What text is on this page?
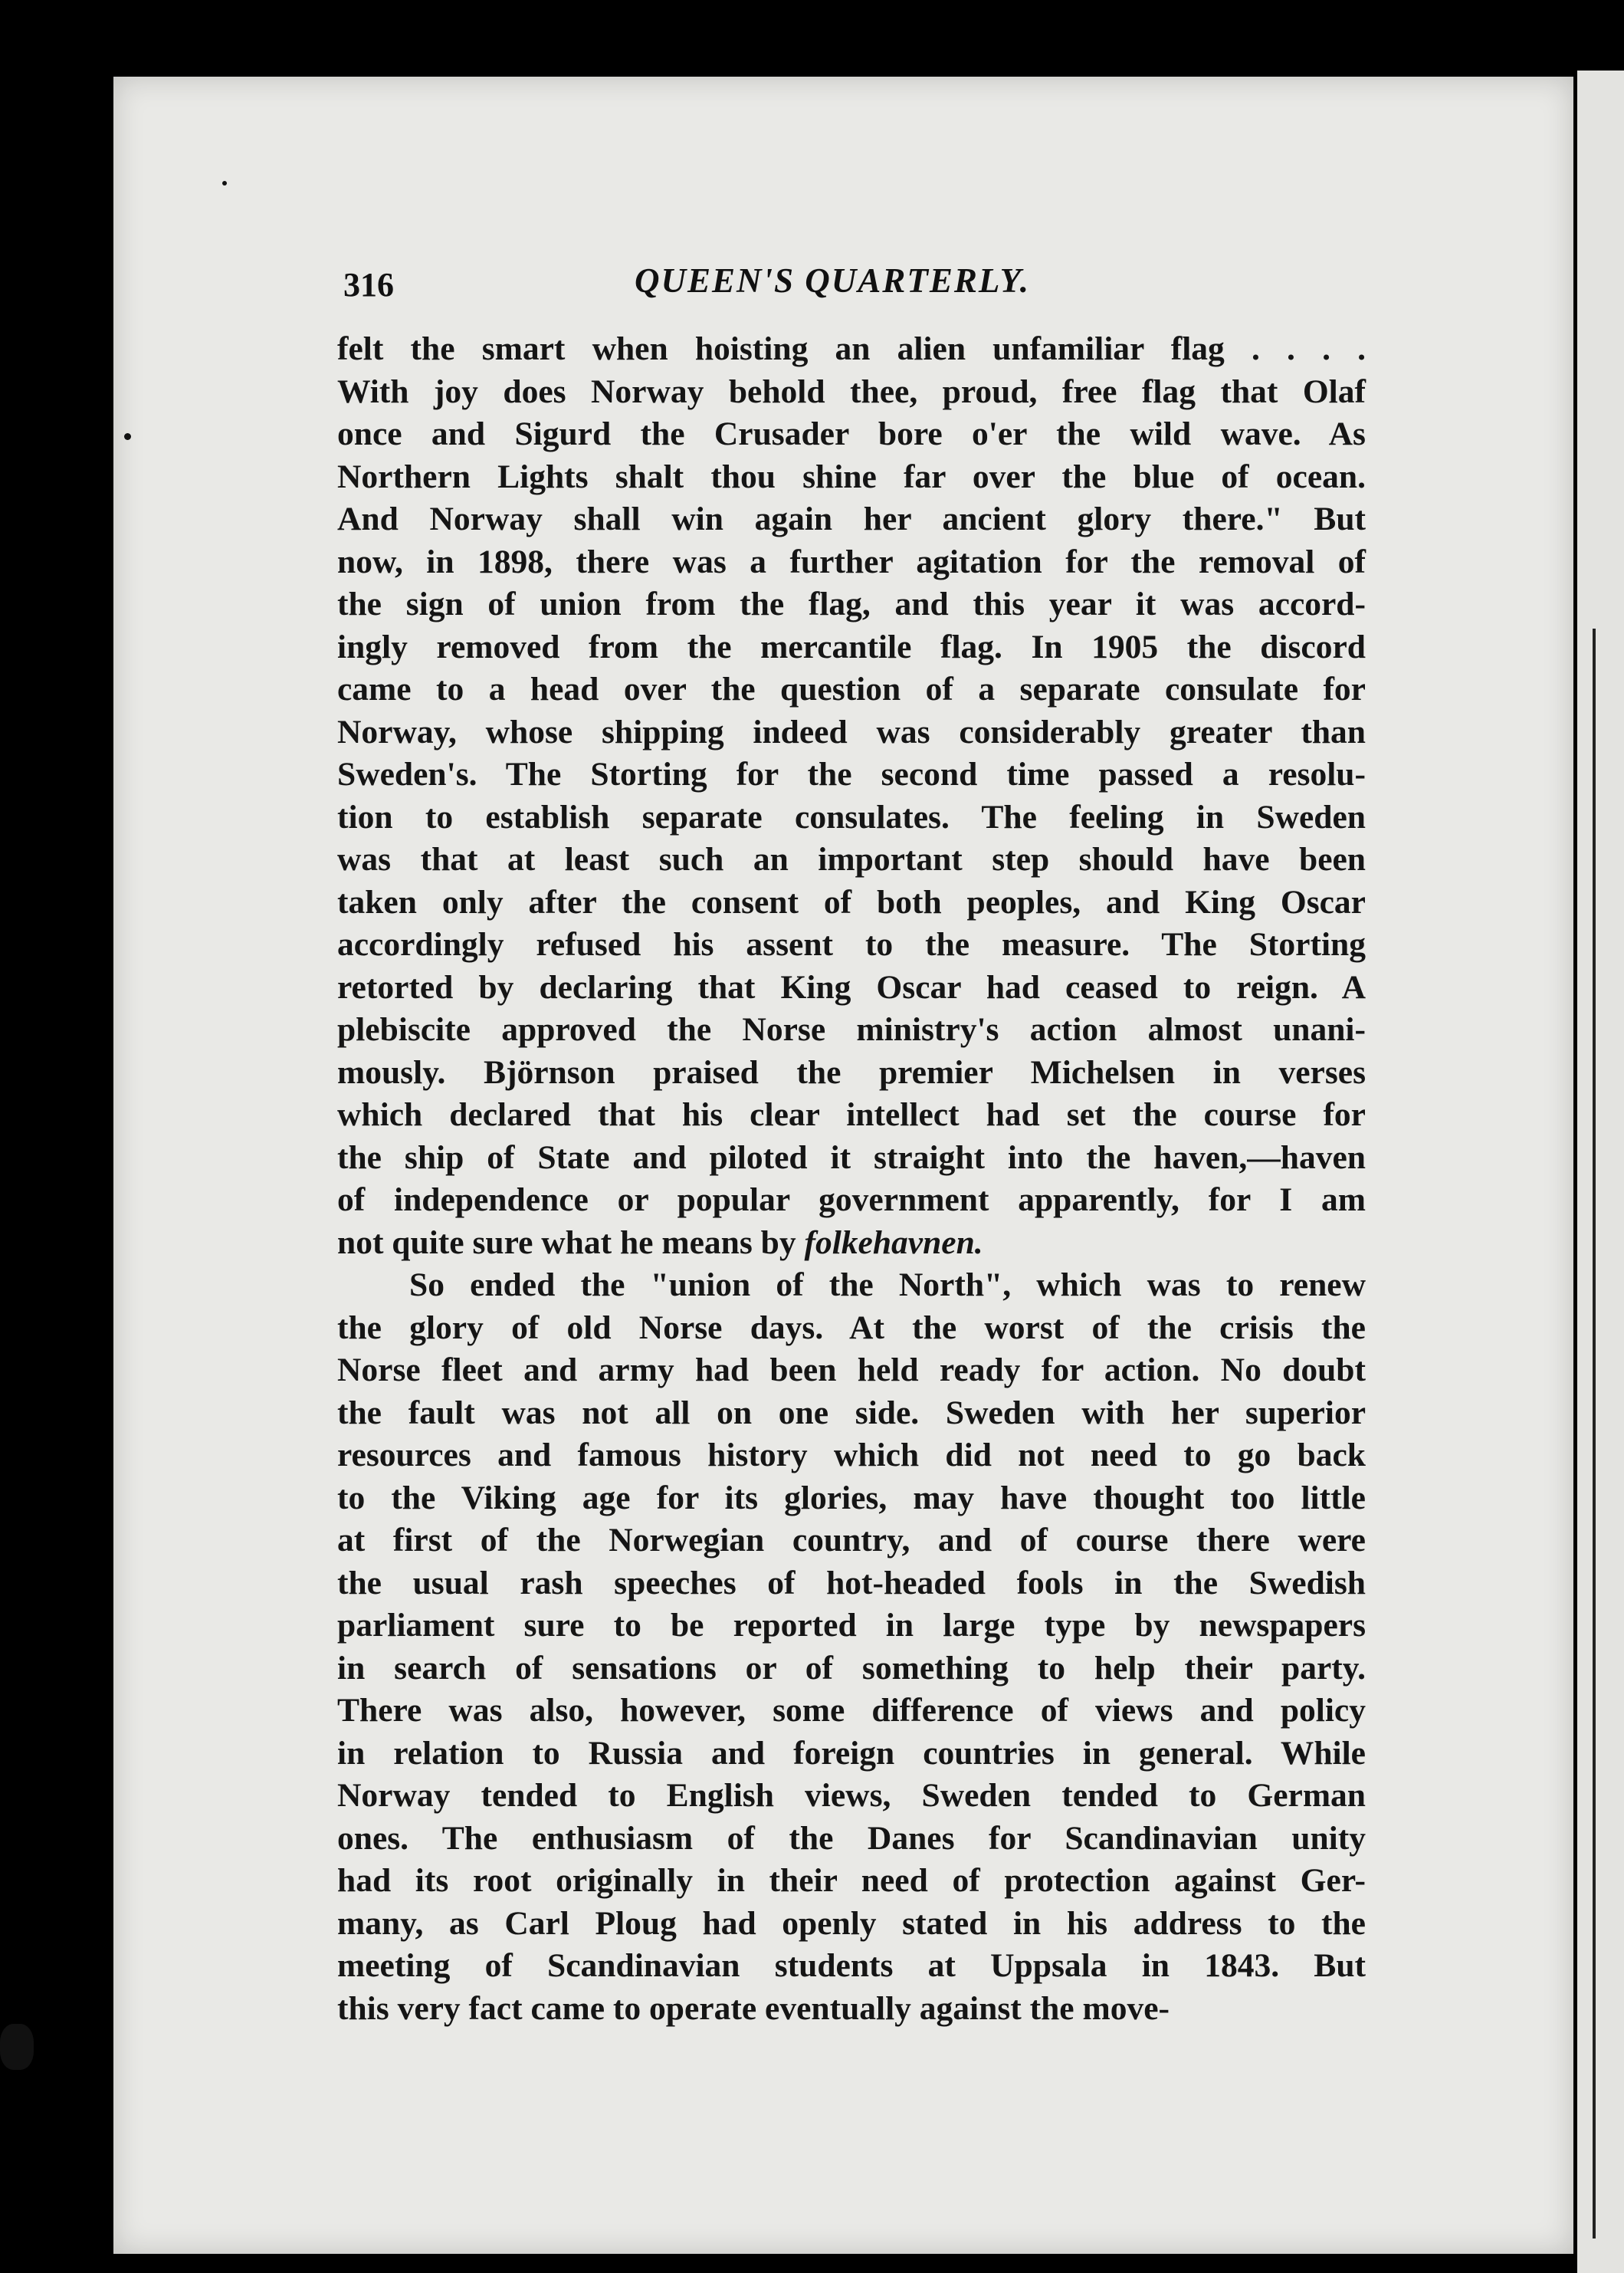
316	QUEEN'S QUARTERLY.
felt the smart when hoisting an alien unfamiliar flag . . . .
With joy does Norway behold thee, proud, free flag that Olaf
once and Sigurd the Crusader bore o'er the wild wave. As
Northern Lights shalt thou shine far over the blue of ocean.
And Norway shall win again her ancient glory there." But
now, in 1898, there was a further agitation for the removal of
the sign of union from the flag, and this year it was accord-
ingly removed from the mercantile flag. In 1905 the discord
came to a head over the question of a separate consulate for
Norway, whose shipping indeed was considerably greater than
Sweden's. The Storting for the second time passed a resolu-
tion to establish separate consulates. The feeling in Sweden
was that at least such an important step should have been
taken only after the consent of both peoples, and King Oscar
accordingly refused his assent to the measure. The Storting
retorted by declaring that King Oscar had ceased to reign. A
plebiscite approved the Norse ministry's action almost unani-
mously. Björnson praised the premier Michelsen in verses
which declared that his clear intellect had set the course for
the ship of State and piloted it straight into the haven,—haven
of independence or popular government apparently, for I am
not quite sure what he means by folkehavnen.
So ended the "union of the North", which was to renew
the glory of old Norse days. At the worst of the crisis the
Norse fleet and army had been held ready for action. No doubt
the fault was not all on one side. Sweden with her superior
resources and famous history which did not need to go back
to the Viking age for its glories, may have thought too little
at first of the Norwegian country, and of course there were
the usual rash speeches of hot-headed fools in the Swedish
parliament sure to be reported in large type by newspapers
in search of sensations or of something to help their party.
There was also, however, some difference of views and policy
in relation to Russia and foreign countries in general. While
Norway tended to English views, Sweden tended to German
ones. The enthusiasm of the Danes for Scandinavian unity
had its root originally in their need of protection against Ger-
many, as Carl Ploug had openly stated in his address to the
meeting of Scandinavian students at Uppsala in 1843. But
this very fact came to operate eventually against the move-
